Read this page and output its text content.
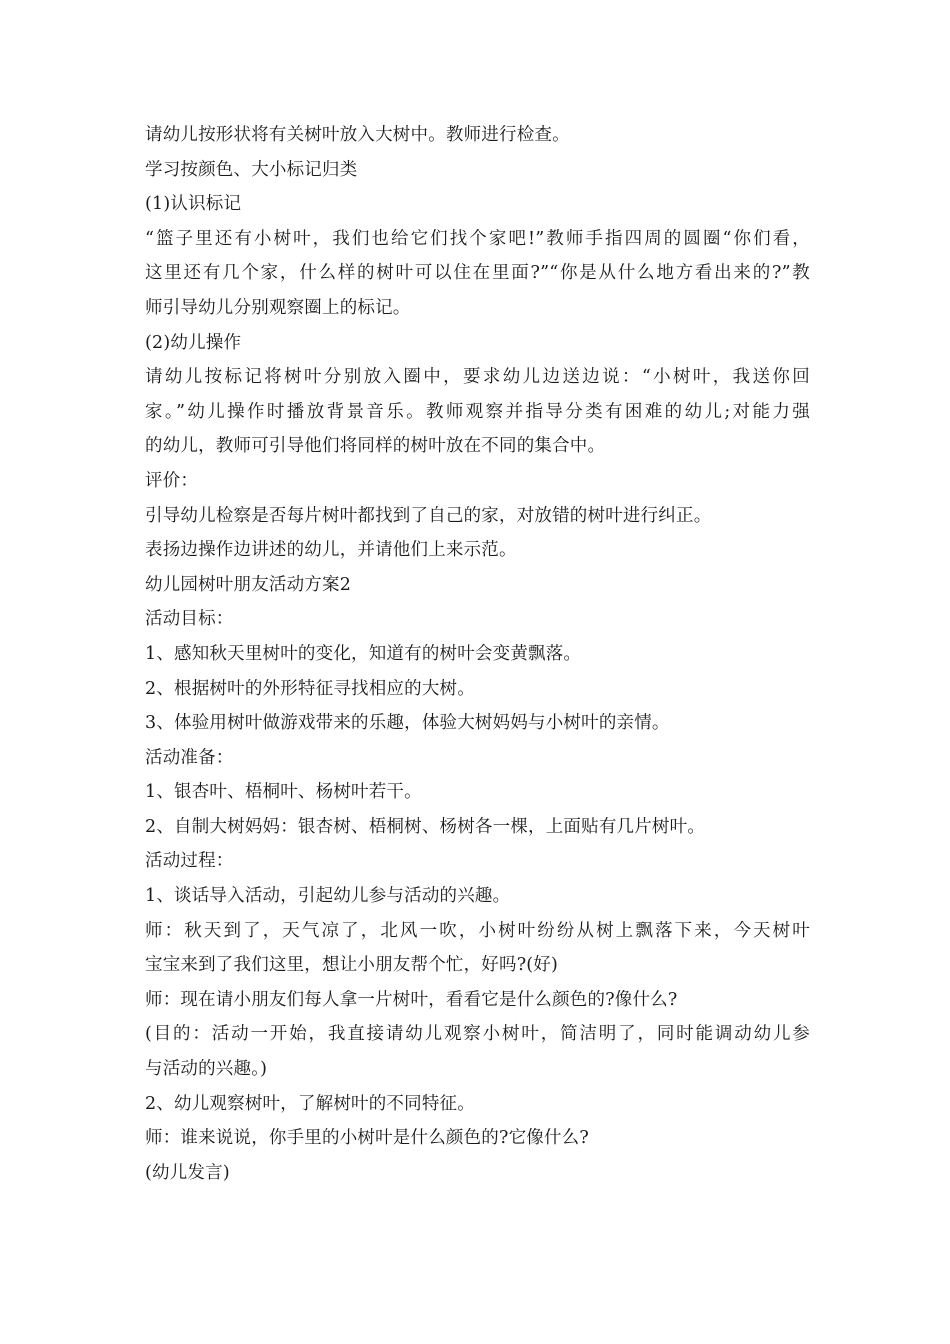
请幼儿按形状将有关树叶放入大树中。教师进行检查。
学习按颜色、大小标记归类
(1)认识标记
“篮子里还有小树叶，我们也给它们找个家吧!”教师手指四周的圆圈“你们看，
这里还有几个家，什么样的树叶可以住在里面?”“你是从什么地方看出来的?”教
师引导幼儿分别观察圈上的标记。
(2)幼儿操作
请幼儿按标记将树叶分别放入圈中，要求幼儿边送边说：“小树叶，我送你回
家。”幼儿操作时播放背景音乐。教师观察并指导分类有困难的幼儿;对能力强
的幼儿，教师可引导他们将同样的树叶放在不同的集合中。
评价：
引导幼儿检察是否每片树叶都找到了自己的家，对放错的树叶进行纠正。
表扬边操作边讲述的幼儿，并请他们上来示范。
幼儿园树叶朋友活动方案2
活动目标：
1、感知秋天里树叶的变化，知道有的树叶会变黄飘落。
2、根据树叶的外形特征寻找相应的大树。
3、体验用树叶做游戏带来的乐趣，体验大树妈妈与小树叶的亲情。
活动准备：
1、银杏叶、梧桐叶、杨树叶若干。
2、自制大树妈妈：银杏树、梧桐树、杨树各一棵，上面贴有几片树叶。
活动过程：
1、谈话导入活动，引起幼儿参与活动的兴趣。
师：秋天到了，天气凉了，北风一吹，小树叶纷纷从树上飘落下来，今天树叶
宝宝来到了我们这里，想让小朋友帮个忙，好吗?(好)
师：现在请小朋友们每人拿一片树叶，看看它是什么颜色的?像什么?
(目的：活动一开始，我直接请幼儿观察小树叶，简洁明了，同时能调动幼儿参
与活动的兴趣。)
2、幼儿观察树叶，了解树叶的不同特征。
师：谁来说说，你手里的小树叶是什么颜色的?它像什么?
(幼儿发言)
